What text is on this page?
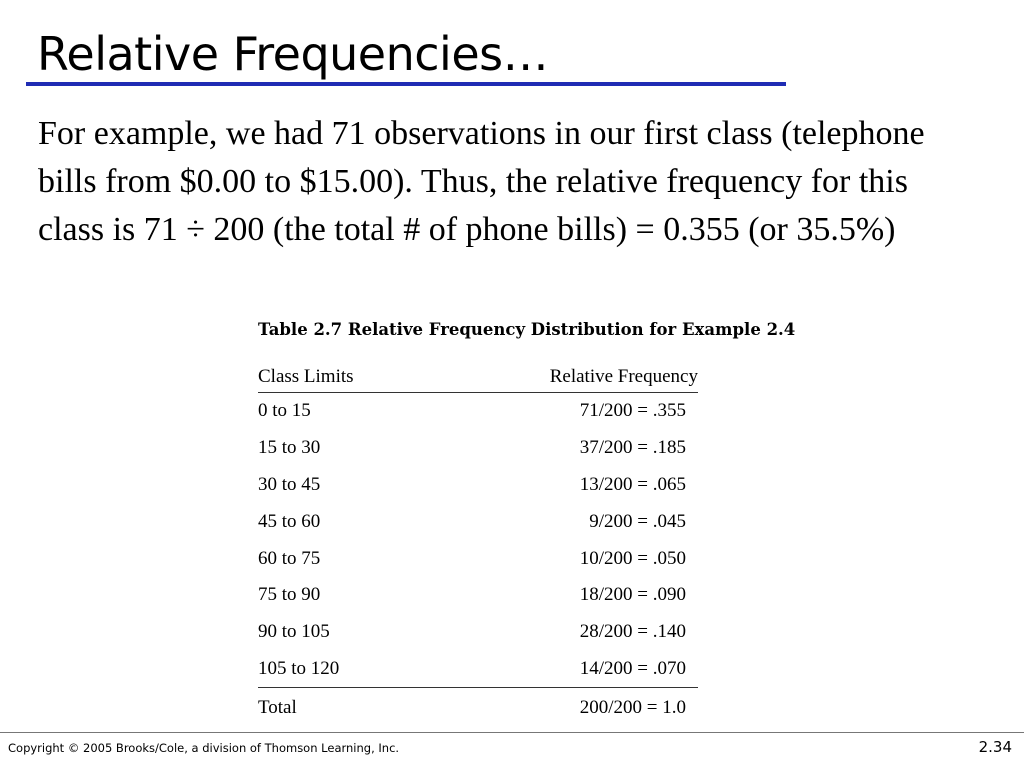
Relative Frequencies…
For example, we had 71 observations in our first class (telephone bills from $0.00 to $15.00). Thus, the relative frequency for this class is 71 ÷ 200 (the total # of phone bills) = 0.355 (or 35.5%)
Table 2.7 Relative Frequency Distribution for Example 2.4
Class Limits	Relative Frequency
0 to 15	71/200 = .355
15 to 30	37/200 = .185
30 to 45	13/200 = .065
45 to 60	9/200 = .045
60 to 75	10/200 = .050
75 to 90	18/200 = .090
90 to 105	28/200 = .140
105 to 120	14/200 = .070
Total	200/200 = 1.0
Copyright © 2005 Brooks/Cole, a division of Thomson Learning, Inc.	2.34
